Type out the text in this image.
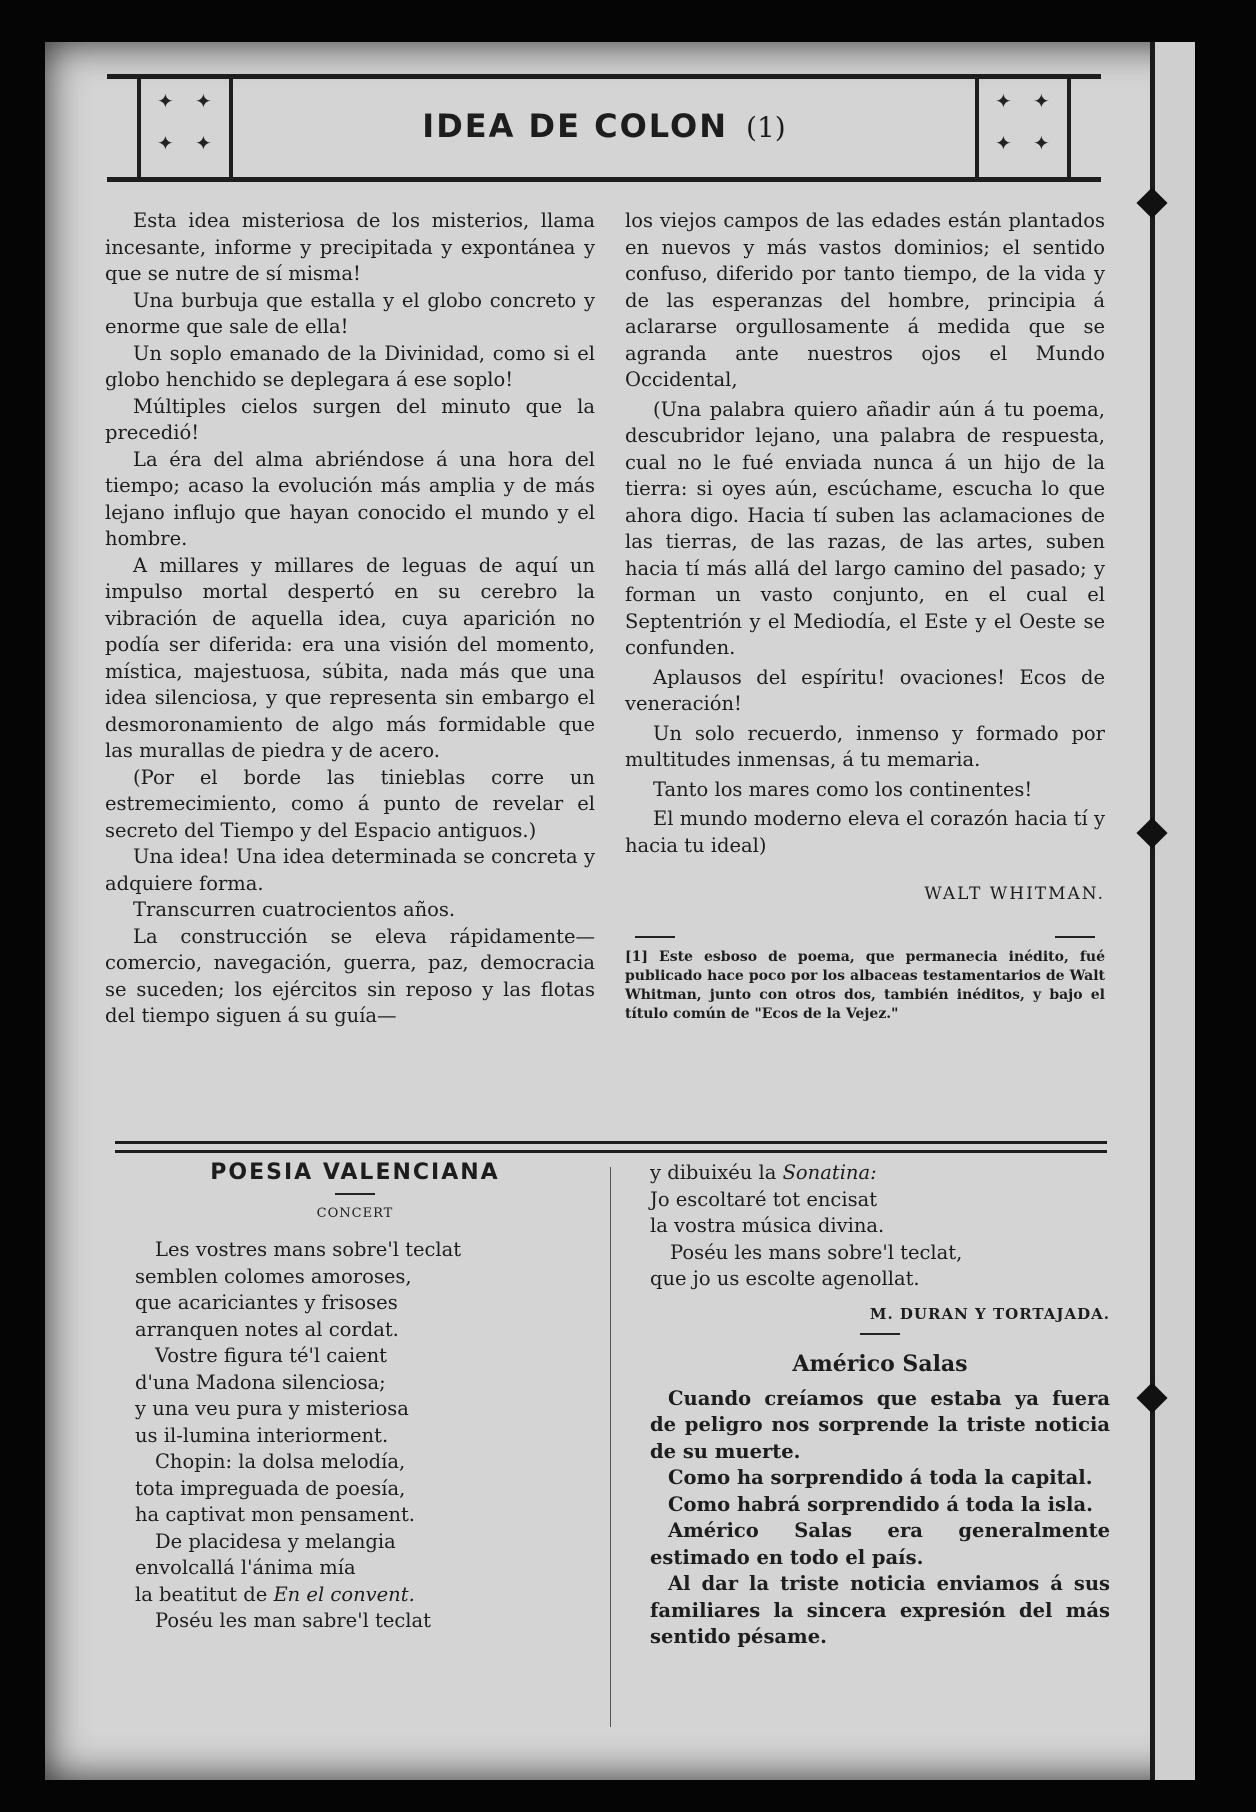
✦ ✦
✦ ✦	IDEA DE COLON (1)
✦ ✦
✦ ✦

Esta idea misteriosa de los misterios, llama incesante, informe y precipitada y expontánea y que se nutre de sí misma!

Una burbuja que estalla y el globo concreto y enorme que sale de ella!

Un soplo emanado de la Divinidad, como si el globo henchido se deplegara á ese soplo!

Múltiples cielos surgen del minuto que la precedió!

La éra del alma abriéndose á una hora del tiempo; acaso la evolución más amplia y de más lejano influjo que hayan conocido el mundo y el hombre.

A millares y millares de leguas de aquí un impulso mortal despertó en su cerebro la vibración de aquella idea, cuya aparición no podía ser diferida: era una visión del momento, mística, majestuosa, súbita, nada más que una idea silenciosa, y que representa sin embargo el desmoronamiento de algo más formidable que las murallas de piedra y de acero.

(Por el borde las tinieblas corre un estremecimiento, como á punto de revelar el secreto del Tiempo y del Espacio antiguos.)

Una idea! Una idea determinada se concreta y adquiere forma.

Transcurren cuatrocientos años.

La construcción se eleva rápidamente—comercio, navegación, guerra, paz, democracia se suceden; los ejércitos sin reposo y las flotas del tiempo siguen á su guía—

los viejos campos de las edades están plantados en nuevos y más vastos dominios; el sentido confuso, diferido por tanto tiempo, de la vida y de las esperanzas del hombre, principia á aclararse orgullosamente á medida que se agranda ante nuestros ojos el Mundo Occidental,

(Una palabra quiero añadir aún á tu poema, descubridor lejano, una palabra de respuesta, cual no le fué enviada nunca á un hijo de la tierra: si oyes aún, escúchame, escucha lo que ahora digo. Hacia tí suben las aclamaciones de las tierras, de las razas, de las artes, suben hacia tí más allá del largo camino del pasado; y forman un vasto conjunto, en el cual el Septentrión y el Mediodía, el Este y el Oeste se confunden.

Aplausos del espíritu! ovaciones! Ecos de veneración!

Un solo recuerdo, inmenso y formado por multitudes inmensas, á tu memaria.

Tanto los mares como los continentes!

El mundo moderno eleva el corazón hacia tí y hacia tu ideal)

WALT WHITMAN.

[1] Este esboso de poema, que permanecia inédito, fué publicado hace poco por los albaceas testamentarios de Walt Whitman, junto con otros dos, también inéditos, y bajo el título común de "Ecos de la Vejez."

POESIA VALENCIANA
CONCERT
Les vostres mans sobre'l teclat
semblen colomes amoroses,
que acariciantes y frisoses
arranquen notes al cordat.
Vostre figura té'l caient
d'una Madona silenciosa;
y una veu pura y misteriosa
us il-lumina interiorment.
Chopin: la dolsa melodía,
tota impreguada de poesía,
ha captivat mon pensament.
De placidesa y melangia
envolcallá l'ánima mía
la beatitut de En el convent.
Poséu les man sabre'l teclat
y dibuixéu la Sonatina:
Jo escoltaré tot encisat
la vostra música divina.
Poséu les mans sobre'l teclat,
que jo us escolte agenollat.
M. DURAN Y TORTAJADA.
Américo Salas

Cuando creíamos que estaba ya fuera de peligro nos sorprende la triste noticia de su muerte.

Como ha sorprendido á toda la capital.

Como habrá sorprendido á toda la isla.

Américo Salas era generalmente estimado en todo el país.

Al dar la triste noticia enviamos á sus familiares la sincera expresión del más sentido pésame.
